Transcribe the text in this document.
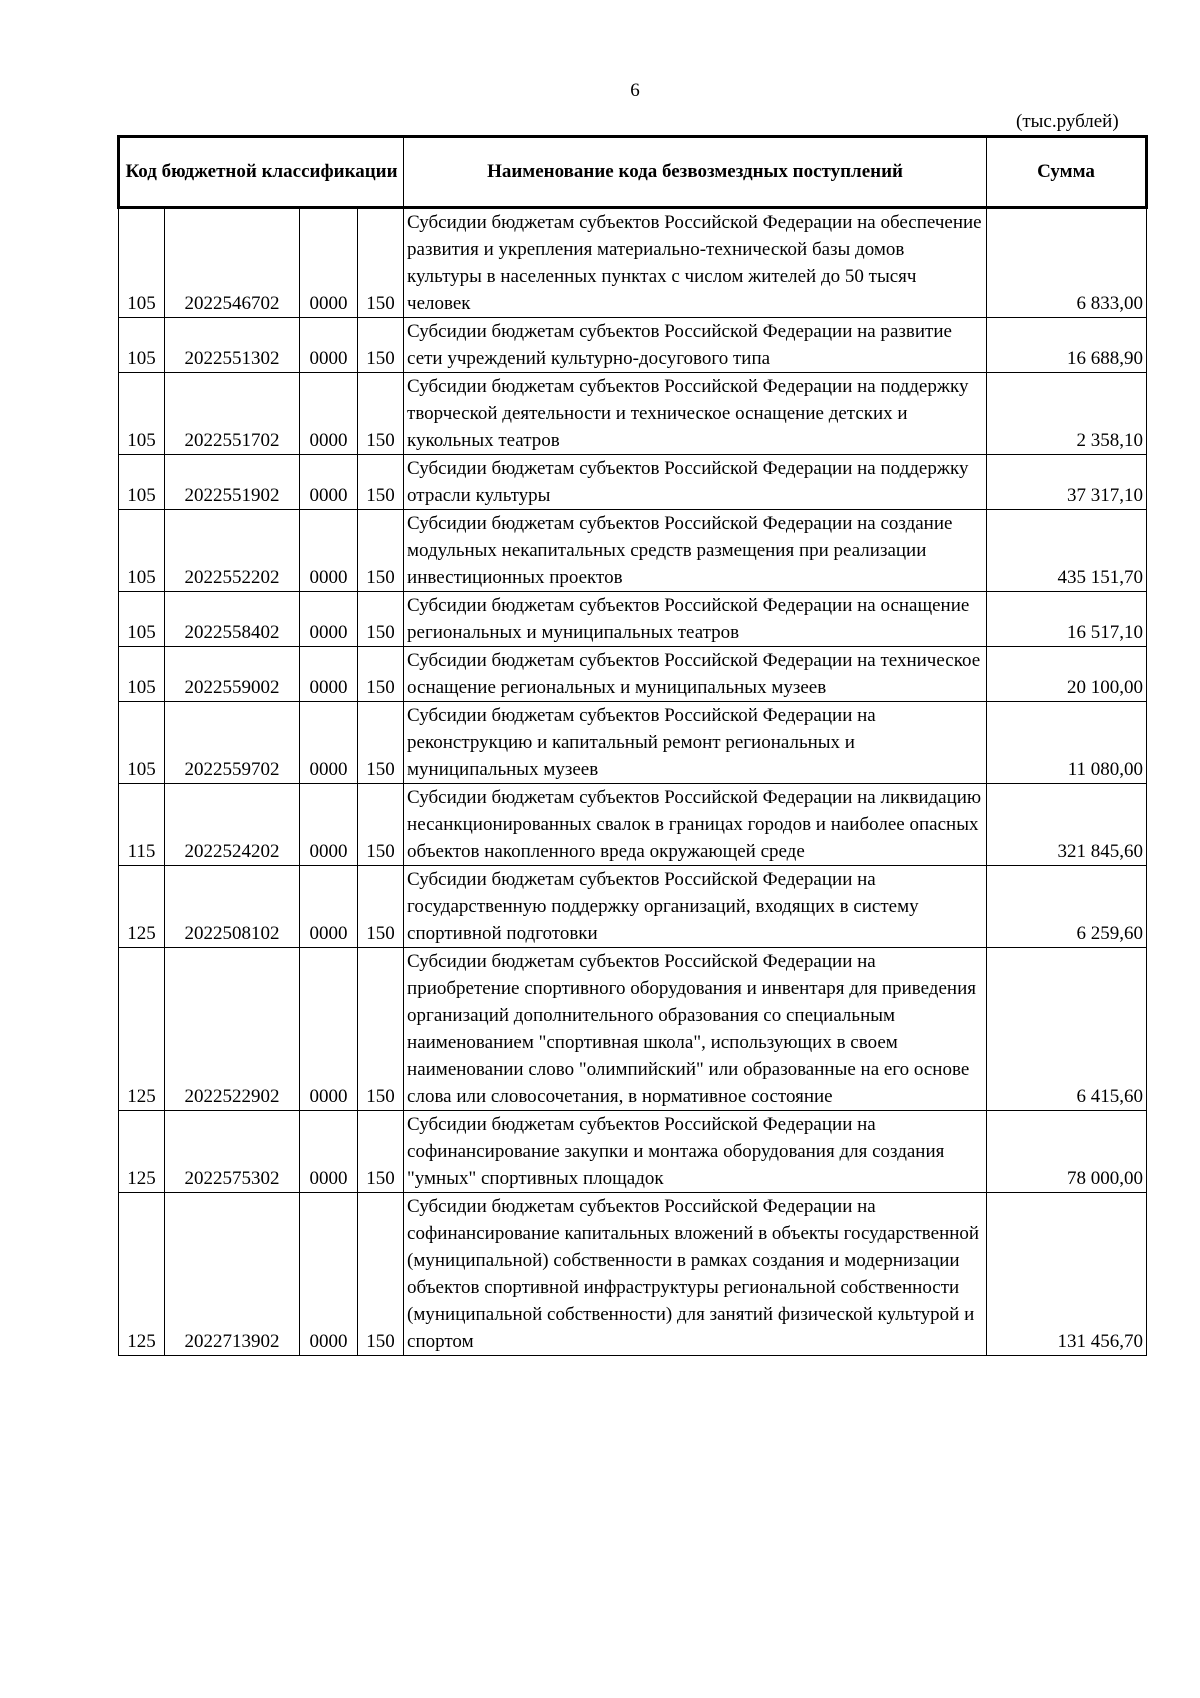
6
(тыс.рублей)
Код бюджетной классификации				Наименование кода безвозмездных поступлений	Сумма
105	2022546702	0000	150	Субсидии бюджетам субъектов Российской Федерации на обеспечение развития и укрепления материально-технической базы домов культуры в населенных пунктах с числом жителей до 50 тысяч человек	6 833,00
105	2022551302	0000	150	Субсидии бюджетам субъектов Российской Федерации на развитие сети учреждений культурно-досугового типа	16 688,90
105	2022551702	0000	150	Субсидии бюджетам субъектов Российской Федерации на поддержку творческой деятельности и техническое оснащение детских и кукольных театров	2 358,10
105	2022551902	0000	150	Субсидии бюджетам субъектов Российской Федерации на поддержку отрасли культуры	37 317,10
105	2022552202	0000	150	Субсидии бюджетам субъектов Российской Федерации на создание модульных некапитальных средств размещения при реализации инвестиционных проектов	435 151,70
105	2022558402	0000	150	Субсидии бюджетам субъектов Российской Федерации на оснащение региональных и муниципальных театров	16 517,10
105	2022559002	0000	150	Субсидии бюджетам субъектов Российской Федерации на техническое оснащение региональных и муниципальных музеев	20 100,00
105	2022559702	0000	150	Субсидии бюджетам субъектов Российской Федерации на реконструкцию и капитальный ремонт региональных и муниципальных музеев	11 080,00
115	2022524202	0000	150	Субсидии бюджетам субъектов Российской Федерации на ликвидацию несанкционированных свалок в границах городов и наиболее опасных объектов накопленного вреда окружающей среде	321 845,60
125	2022508102	0000	150	Субсидии бюджетам субъектов Российской Федерации на государственную поддержку организаций, входящих в систему спортивной подготовки	6 259,60
125	2022522902	0000	150	Субсидии бюджетам субъектов Российской Федерации на приобретение спортивного оборудования и инвентаря для приведения организаций дополнительного образования со специальным наименованием "спортивная школа", использующих в своем наименовании слово "олимпийский" или образованные на его основе слова или словосочетания, в нормативное состояние	6 415,60
125	2022575302	0000	150	Субсидии бюджетам субъектов Российской Федерации на софинансирование закупки и монтажа оборудования для создания "умных" спортивных площадок	78 000,00
125	2022713902	0000	150	Субсидии бюджетам субъектов Российской Федерации на софинансирование капитальных вложений в объекты государственной (муниципальной) собственности в рамках создания и модернизации объектов спортивной инфраструктуры региональной собственности (муниципальной собственности) для занятий физической культурой и спортом	131 456,70
